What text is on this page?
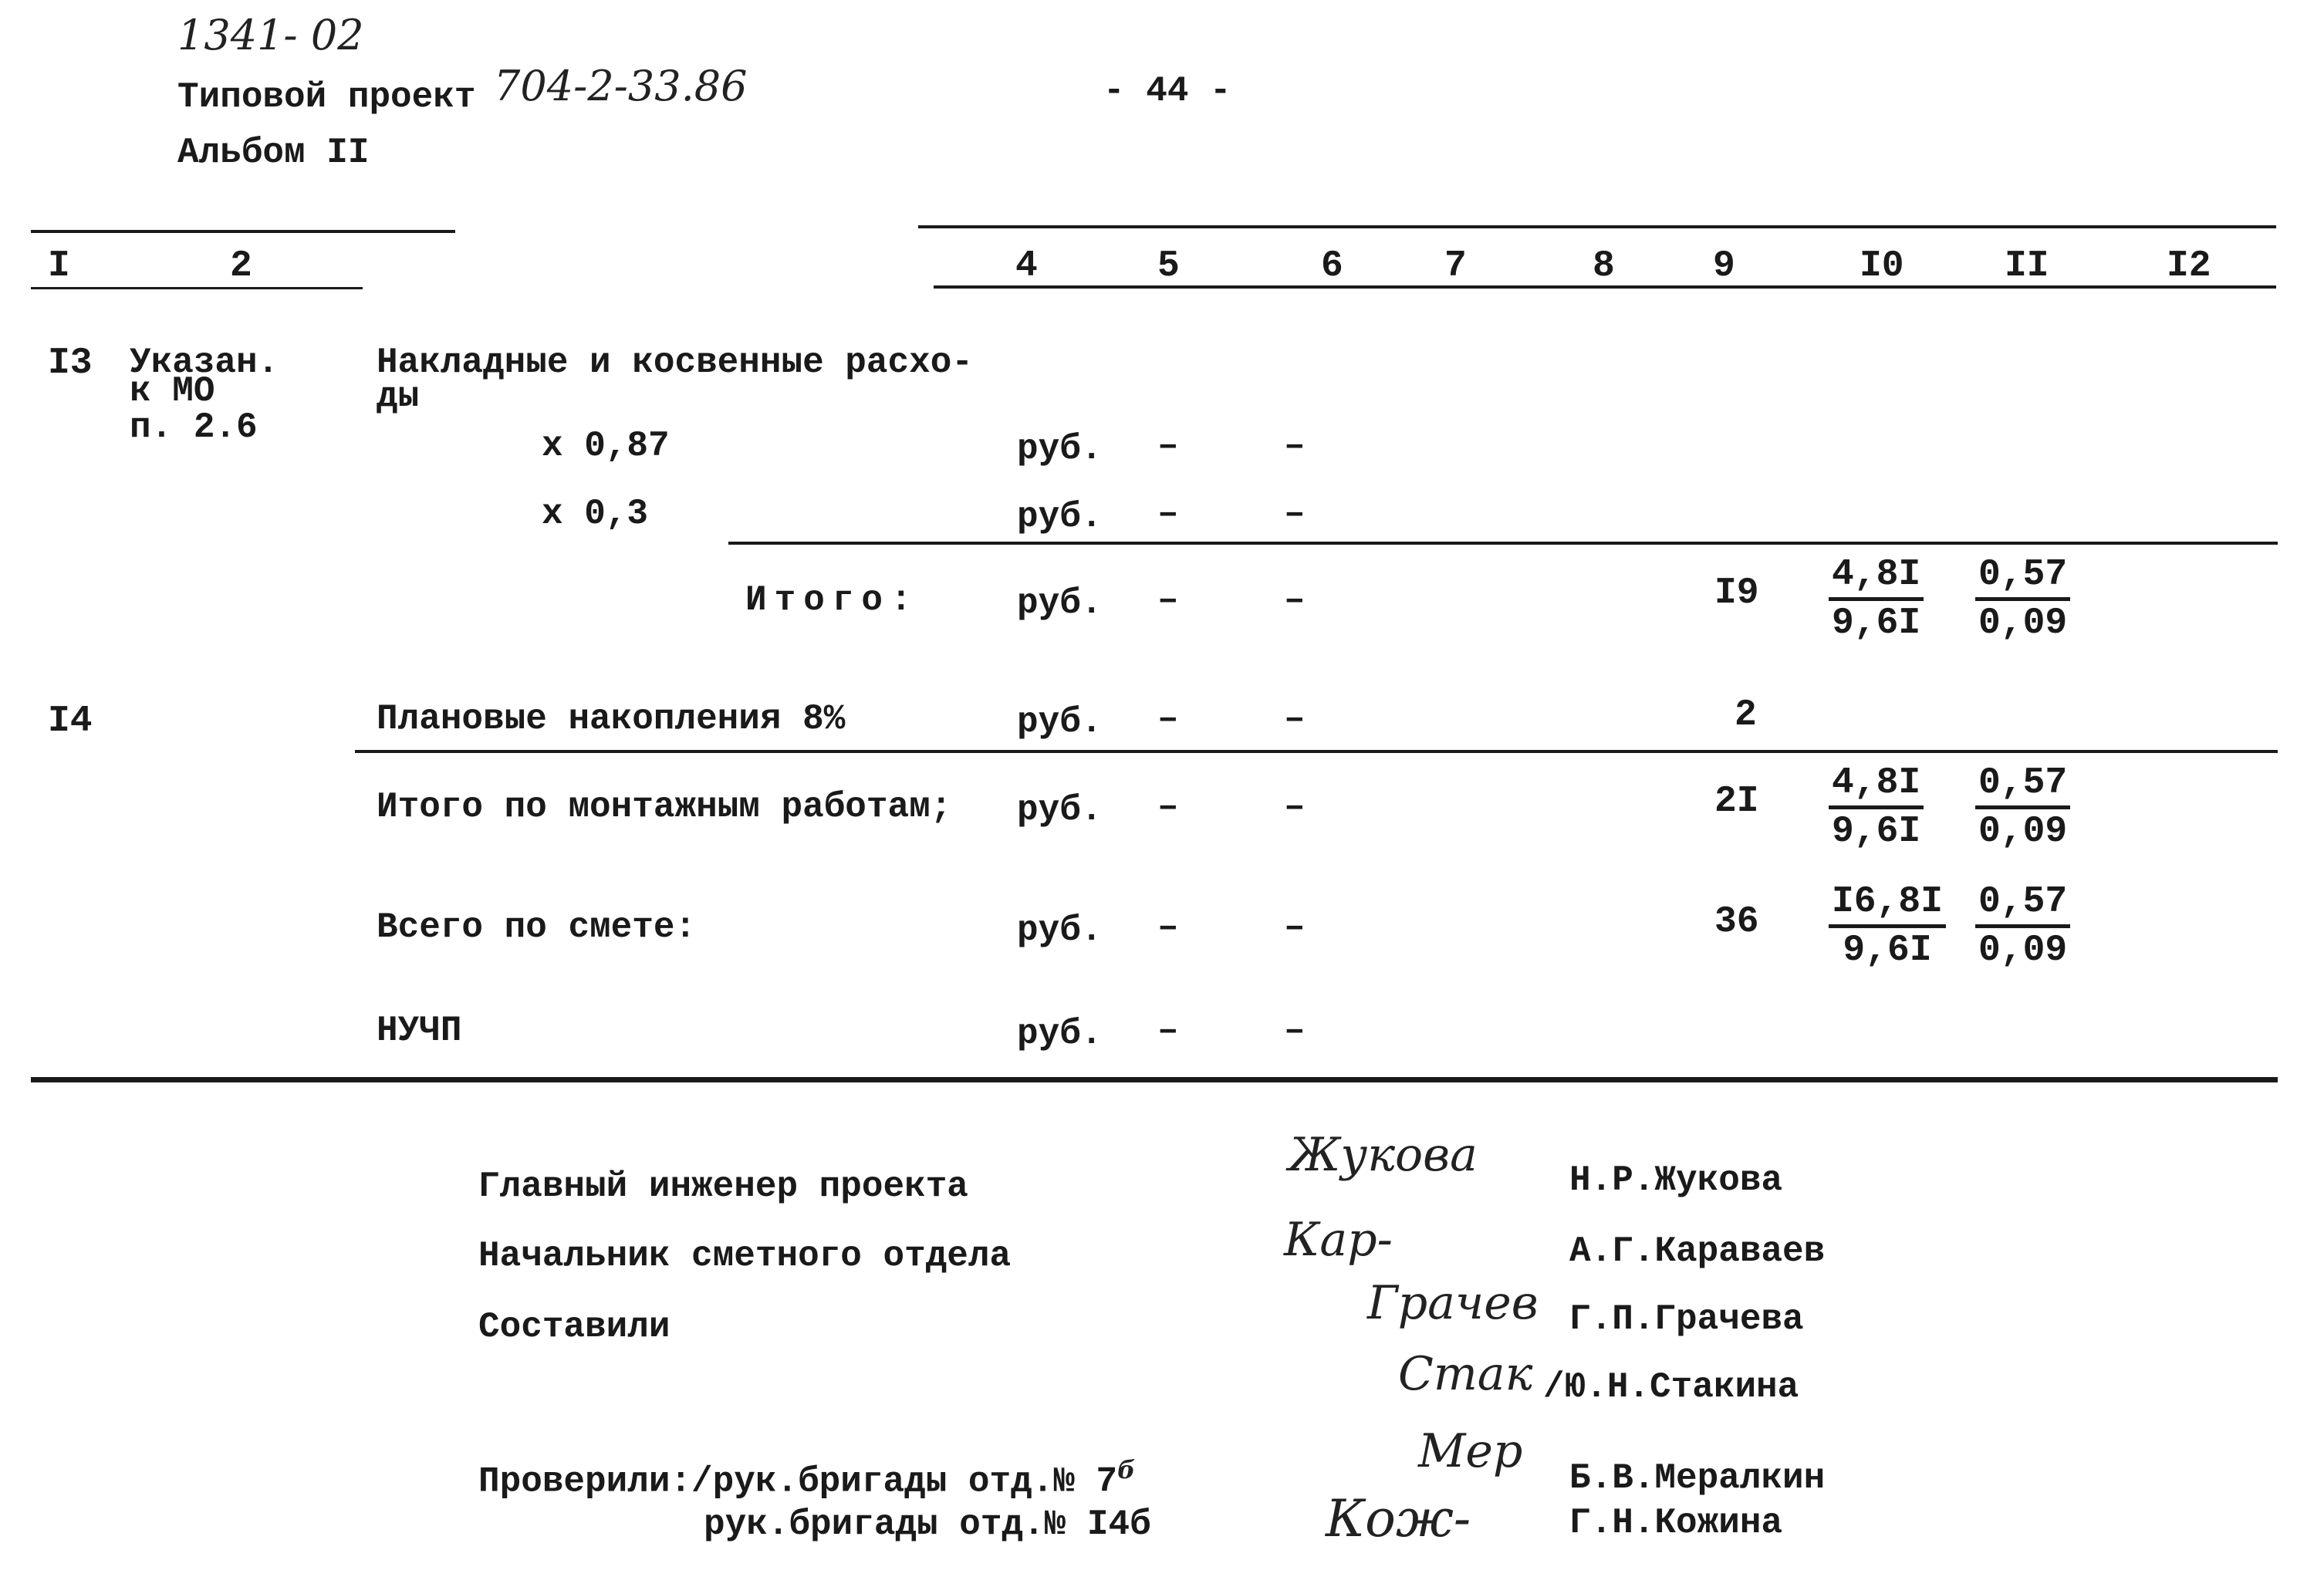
1341- 02
Типовой проект 704-2-33.86
Альбом II
- 44 -
I	2	4	5	6	7	8	9	I0	II	I2
I3 Указан.
к МО
п. 2.6
Накладные и косвенные расхо-
ды
х 0,87	руб. –	–
х 0,3	руб. –	–
Итого:	руб. –	–	$I9 \frac{4,8I}{9,6I} \frac{0,57}{0,09}$
I4	Плановые накопления 8%	руб. –	–	2
Итого по монтажным работам; руб. –	–	$2I \frac{4,8I}{9,6I} \frac{0,57}{0,09}$
Всего по смете:	руб. –	–	$36 \frac{I6,8I}{9,6I} \frac{0,57}{0,09}$
НУЧП	руб. –	–
Главный инженер проекта	Н.Р.Жукова
Жукова
Начальник сметного отдела	А.Г.Караваев
Кар-
Составили	Г.П.Грачева
Грачев
/Ю.Н.Стакина
Стак
Проверили:/рук.бригады отд.№ $7^б$	Б.В.Мералкин
Мер
рук.бригады отд.№ I4б	Г.Н.Кожина
Кож-
